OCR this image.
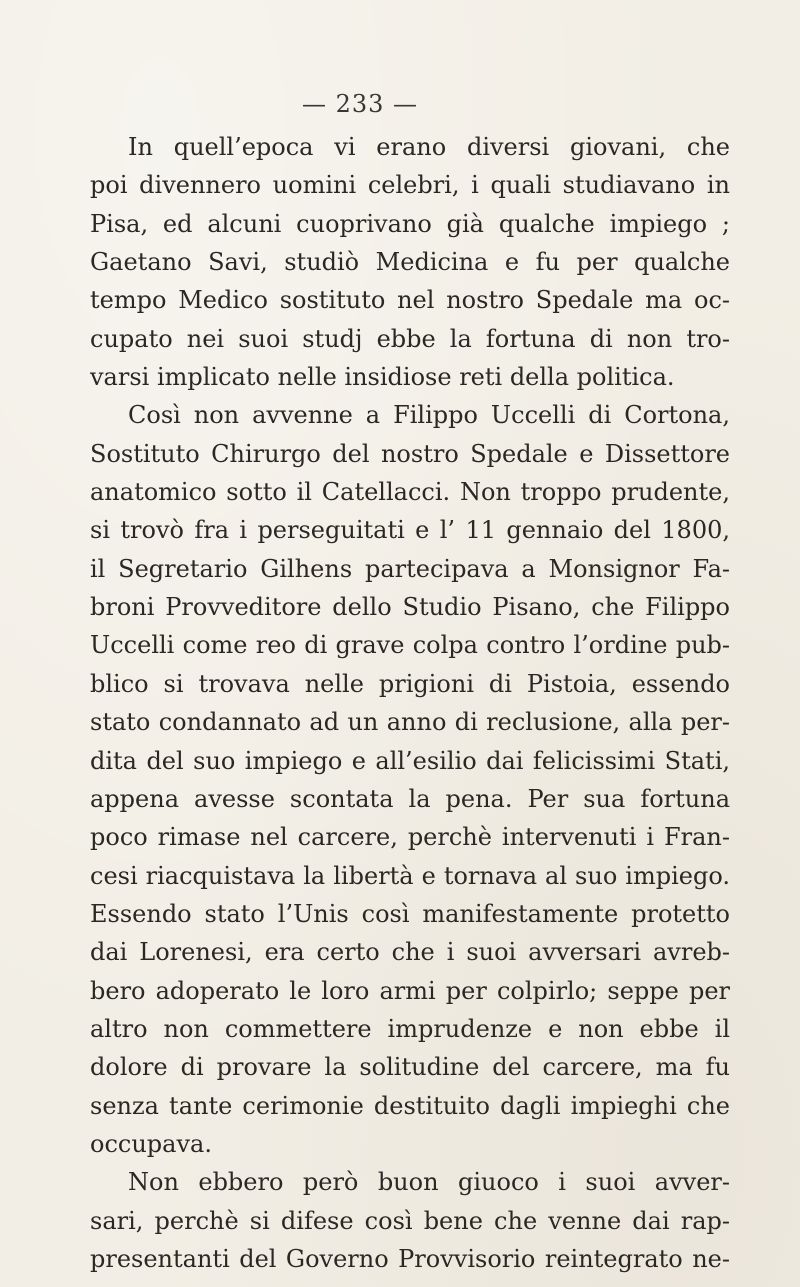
— 233 —
In quell’epoca vi erano diversi giovani, che
poi divennero uomini celebri, i quali studiavano in
Pisa, ed alcuni cuoprivano già qualche impiego ;
Gaetano Savi, studiò Medicina e fu per qualche
tempo Medico sostituto nel nostro Spedale ma oc-
cupato nei suoi studj ebbe la fortuna di non tro-
varsi implicato nelle insidiose reti della politica.
Così non avvenne a Filippo Uccelli di Cortona,
Sostituto Chirurgo del nostro Spedale e Dissettore
anatomico sotto il Catellacci. Non troppo prudente,
si trovò fra i perseguitati e l’ 11 gennaio del 1800,
il Segretario Gilhens partecipava a Monsignor Fa-
broni Provveditore dello Studio Pisano, che Filippo
Uccelli come reo di grave colpa contro l’ordine pub-
blico si trovava nelle prigioni di Pistoia, essendo
stato condannato ad un anno di reclusione, alla per-
dita del suo impiego e all’esilio dai felicissimi Stati,
appena avesse scontata la pena. Per sua fortuna
poco rimase nel carcere, perchè intervenuti i Fran-
cesi riacquistava la libertà e tornava al suo impiego.
Essendo stato l’Unis così manifestamente protetto
dai Lorenesi, era certo che i suoi avversari avreb-
bero adoperato le loro armi per colpirlo; seppe per
altro non commettere imprudenze e non ebbe il
dolore di provare la solitudine del carcere, ma fu
senza tante cerimonie destituito dagli impieghi che
occupava.
Non ebbero però buon giuoco i suoi avver-
sari, perchè si difese così bene che venne dai rap-
presentanti del Governo Provvisorio reintegrato ne-
